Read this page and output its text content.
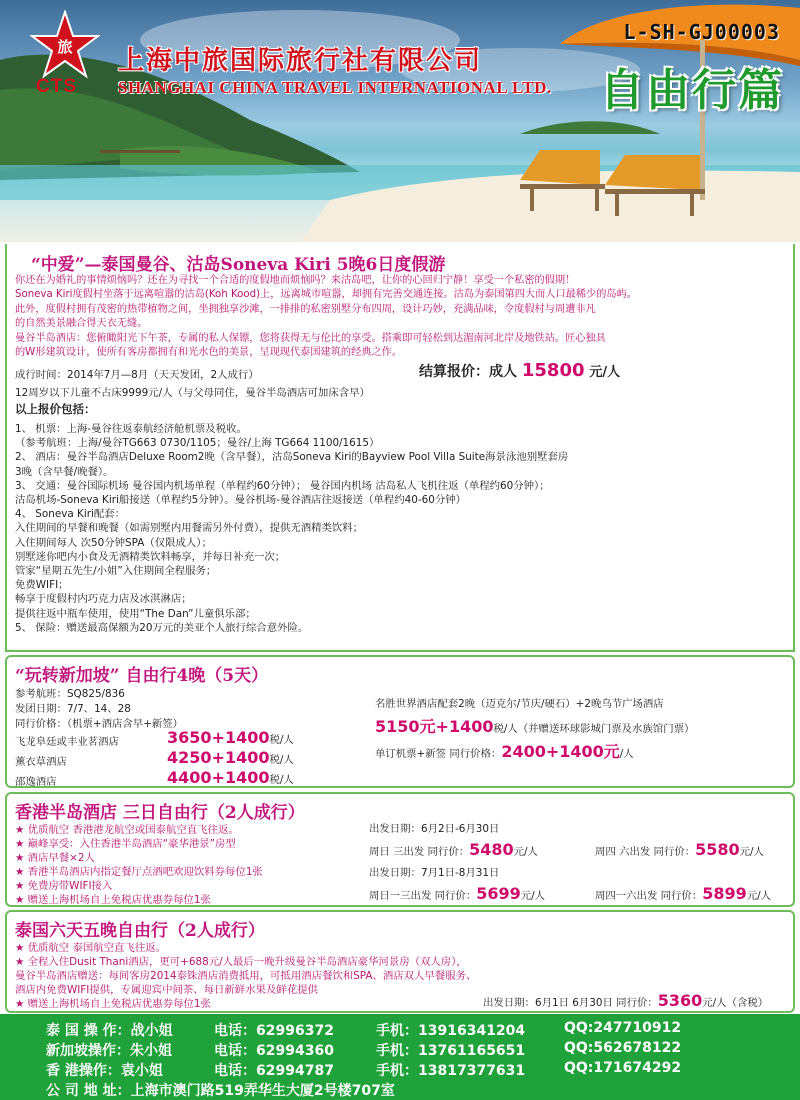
旅
CTS
上海中旅国际旅行社有限公司
SHANGHAI CHINA TRAVEL INTERNATIONAL LTD.
L-SH-GJ00003
自由行篇
“中爱”—泰国曼谷、沽岛Soneva Kiri 5晚6日度假游
你还在为婚礼的事情烦恼吗？还在为寻找一个合适的度假地而烦恼吗？来沽岛吧，让你的心回归宁静！享受一个私密的假期！
Soneva Kiri度假村坐落于远离喧嚣的沽岛(Koh Kood)上，远离城市喧嚣，却拥有完善交通连接。沽岛为泰国第四大而人口最稀少的岛屿。
此外，度假村拥有茂密的热带植物之间，坐拥独享沙滩，一排排的私密别墅分布四周，设计巧妙，充满品味，令度假村与周遭非凡
的自然美景融合得天衣无缝。
曼谷半岛酒店：您俯瞰阳光下午茶，专属的私人保镖，您将获得无与伦比的享受。搭乘即可轻松到达湄南河北岸及地铁站。匠心独具
的W形建筑设计，使所有客房都拥有和光水色的美景，呈现现代泰国建筑的经典之作。
成行时间：2014年7月—8月（天天发团，2人成行）	结算报价：成人 15800 元/人
12周岁以下儿童不占床9999元/人（与父母同住，曼谷半岛酒店可加床含早）
以上报价包括：
1、 机票：上海-曼谷往返泰航经济舱机票及税收。
（参考航班：上海/曼谷TG663 0730/1105；曼谷/上海 TG664 1100/1615）
2、 酒店：曼谷半岛酒店Deluxe Room2晚（含早餐），沽岛Soneva Kiri的Bayview Pool Villa Suite海景泳池别墅套房
3晚（含早餐/晚餐）。
3、 交通：曼谷国际机场 曼谷国内机场单程（单程约60分钟）； 曼谷国内机场 沽岛私人飞机往返（单程约60分钟）；
沽岛机场-Soneva Kiri船接送（单程约5分钟）。曼谷机场-曼谷酒店往返接送（单程约40-60分钟）
4、 Soneva Kiri配套：
入住期间的早餐和晚餐（如需别墅内用餐需另外付费），提供无酒精类饮料；
入住期间每人 次50分钟SPA（仅限成人）；
别墅迷你吧内小食及无酒精类饮料畅享，并每日补充一次；
管家“星期五先生/小姐”入住期间全程服务；
免费WIFI；
畅享于度假村内巧克力店及冰淇淋店；
提供往返中瓶车使用，使用“The Dan”儿童俱乐部；
5、 保险：赠送最高保额为20万元的美亚个人旅行综合意外险。
“玩转新加坡” 自由行4晚（5天）
参考航班：SQ825/836
发团日期：7/7、14、28
同行价格：（机票+酒店含早+新签）
飞龙阜廷或丰业茗酒店	3650+1400税/人
薰衣草酒店	4250+1400税/人
邵逸酒店	4400+1400税/人
名胜世界酒店配套2晚（迈克尔/节庆/硬石）+2晚乌节广场酒店
5150元+1400税/人（并赠送环球影城门票及水族馆门票）
单订机票+新签 同行价格：2400+1400元/人
香港半岛酒店 三日自由行（2人成行）
★ 优质航空 香港港龙航空或国泰航空直飞往返。
★ 巅峰享受：入住香港半岛酒店“豪华港景”房型
★ 酒店早餐×2人
★ 香港半岛酒店内指定餐厅点酒吧欢迎饮料券每位1张
★ 免费房带WIFI接入
★ 赠送上海机场自上免税店优惠券每位1张
出发日期：6月2日-6月30日
周日 三出发 同行价：5480元/人	周四 六出发 同行价：5580元/人
出发日期：7月1日-8月31日
周日一三出发 同行价：5699元/人	周四一六出发 同行价：5899元/人
泰国六天五晚自由行（2人成行）
★ 优质航空 泰国航空直飞往返。
★ 全程入住Dusit Thani酒店，更可+688元/人最后一晚升级曼谷半岛酒店豪华河景房（双人房），
曼谷半岛酒店赠送：每间客房2014泰铢酒店消费抵用，可抵用酒店餐饮和SPA、酒店双人早餐服务、
酒店内免费WIFI提供，专属迎宾中间茶、每日新鲜水果及鲜花提供
★ 赠送上海机场自上免税店优惠券每位1张	出发日期：6月1日 6月30日 同行价：5360元/人（含税）
泰 国 操 作：战小姐	电话：62996372	手机：13916341204	QQ:247710912
新加坡操作：朱小姐	电话：62994360	手机：13761165651	QQ:562678122
香 港操作：袁小姐	电话：62994787	手机：13817377631	QQ:171674292
公 司 地 址：上海市澳门路519弄华生大厦2号楼707室
